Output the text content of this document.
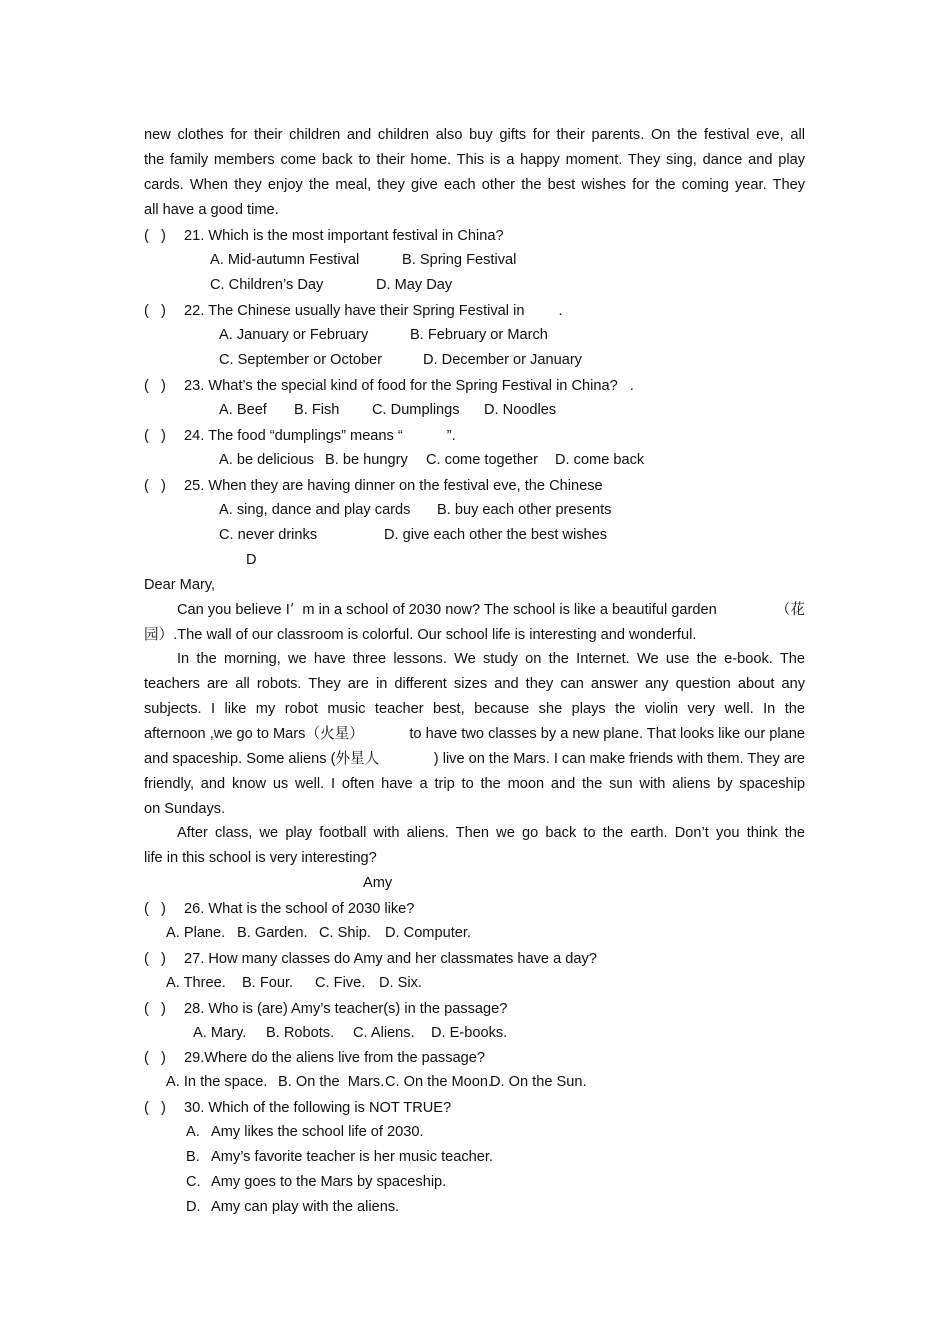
new clothes for their children and children also buy gifts for their parents. On the festival eve, all
the family members come back to their home. This is a happy moment. They sing, dance and play
cards. When they enjoy the meal, they give each other the best wishes for the coming year. They
all have a good time.
(   ) 21. Which is the most important festival in China?
A. Mid-autumn Festival	B. Spring Festival
C. Children’s Day	D. May Day
(   ) 22. The Chinese usually have their Spring Festival in .
A. January or February	B. February or March
C. September or October	D. December or January
(   ) 23. What’s the special kind of food for the Spring Festival in China? .
A. Beef B. Fish C. Dumplings D. Noodles
(   ) 24. The food “dumplings” means “	”.
A. be delicious B. be hungry C. come together D. come back
(   ) 25. When they are having dinner on the festival eve, the Chinese
A. sing, dance and play cards B. buy each other presents
C. never drinks	D. give each other the best wishes
D
Dear Mary,
Can you believe I’ m in a school of 2030 now? The school is like a beautiful garden	（花
园）.The wall of our classroom is colorful. Our school life is interesting and wonderful.
In the morning, we have three lessons. We study on the Internet. We use the e-book. The
teachers are all robots. They are in different sizes and they can answer any question about any
subjects. I like my robot music teacher best, because she plays the violin very well. In the
afternoon ,we go to Mars（火星）	to have two classes by a new plane. That looks like our plane
and spaceship. Some aliens (外星人	) live on the Mars. I can make friends with them. They are
friendly, and know us well. I often have a trip to the moon and the sun with aliens by spaceship
on Sundays.
After class, we play football with aliens. Then we go back to the earth. Don’t you think the
life in this school is very interesting?
Amy
(   ) 26. What is the school of 2030 like?
A. Plane. B. Garden. C. Ship. D. Computer.
(   ) 27. How many classes do Amy and her classmates have a day?
A. Three. B. Four. C. Five. D. Six.
(   ) 28. Who is (are) Amy’s teacher(s) in the passage?
A. Mary. B. Robots. C. Aliens. D. E-books.
(   ) 29.Where do the aliens live from the passage?
A. In the space. B. On the  Mars.C. On the Moon.D. On the Sun.
(   ) 30. Which of the following is NOT TRUE?
A. Amy likes the school life of 2030.
B. Amy’s favorite teacher is her music teacher.
C. Amy goes to the Mars by spaceship.
D. Amy can play with the aliens.
